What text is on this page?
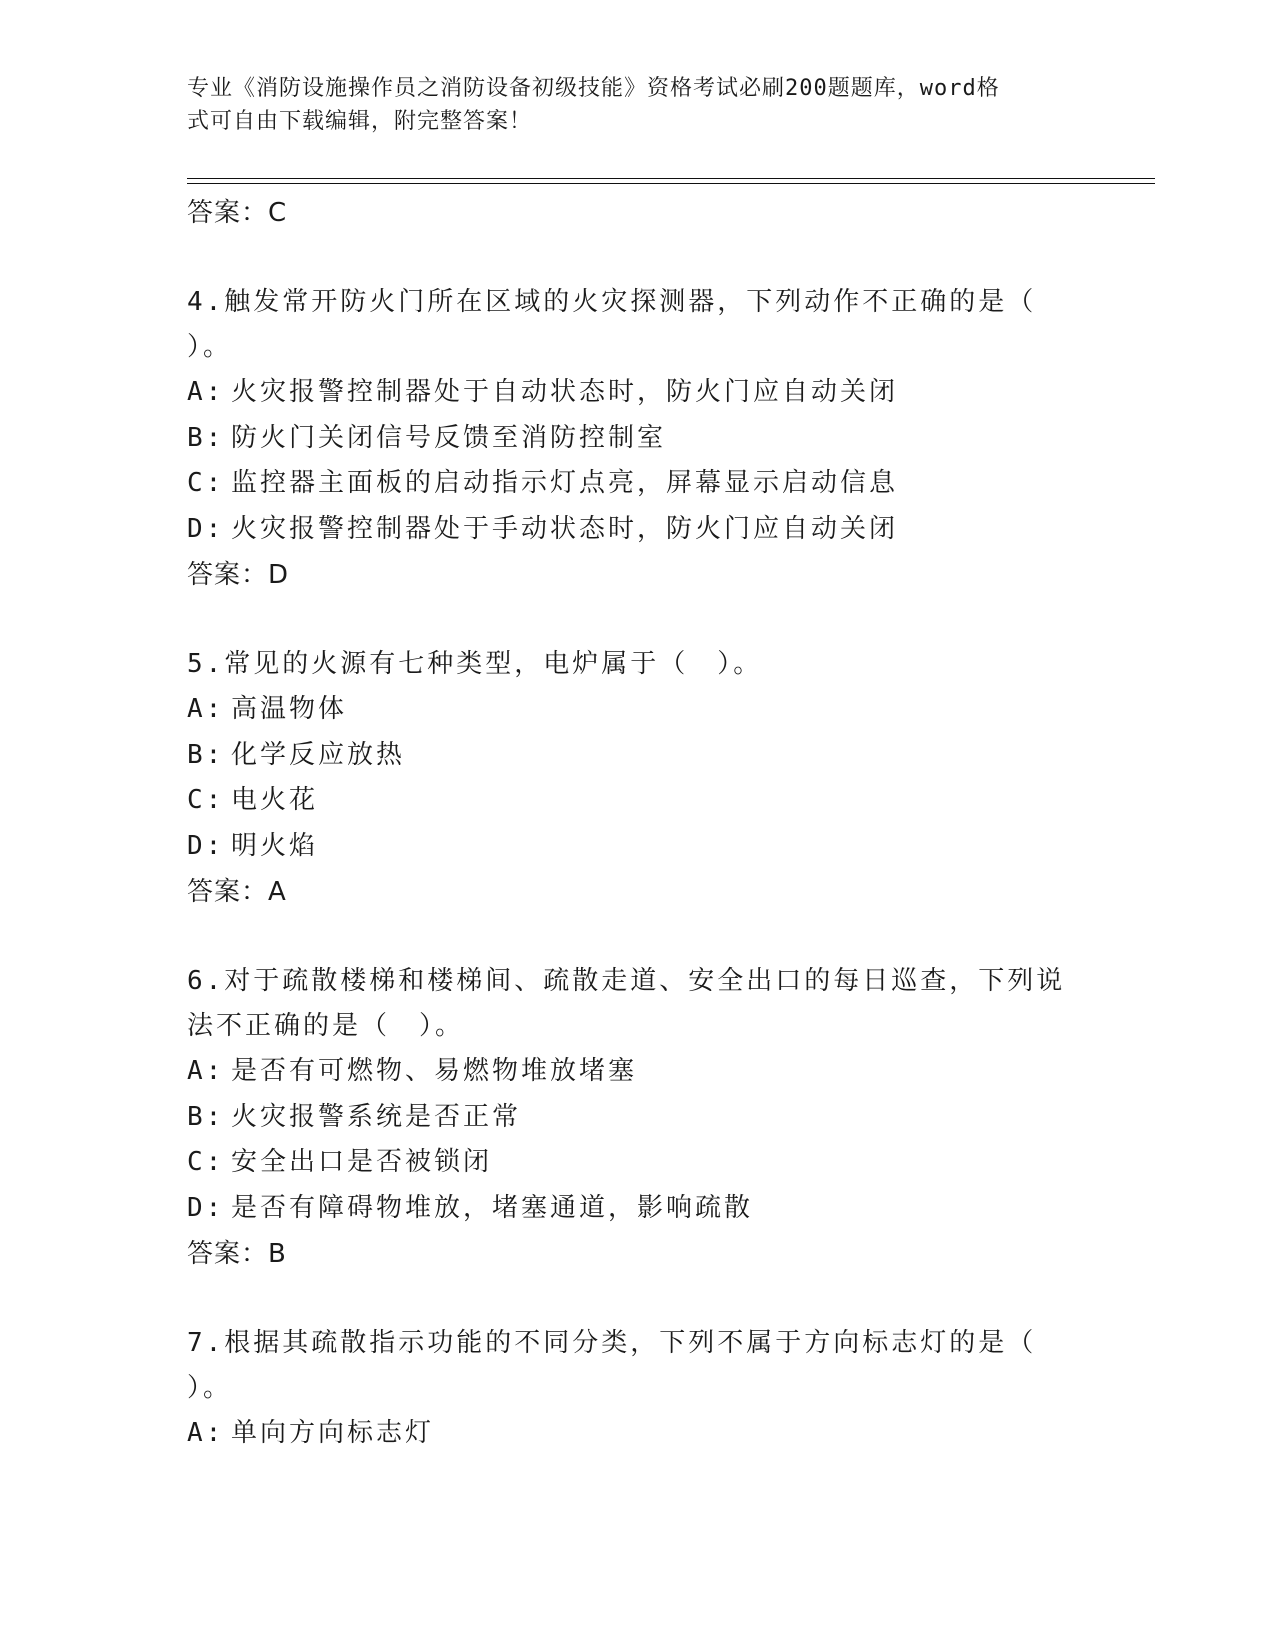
专业《消防设施操作员之消防设备初级技能》资格考试必刷200题题库，word格
式可自由下载编辑，附完整答案！
答案：C
4.触发常开防火门所在区域的火灾探测器，下列动作不正确的是（ ）。
A: 火灾报警控制器处于自动状态时，防火门应自动关闭
B: 防火门关闭信号反馈至消防控制室
C: 监控器主面板的启动指示灯点亮，屏幕显示启动信息
D: 火灾报警控制器处于手动状态时，防火门应自动关闭
答案：D
5.常见的火源有七种类型，电炉属于（　）。
A: 高温物体
B: 化学反应放热
C: 电火花
D: 明火焰
答案：A
6.对于疏散楼梯和楼梯间、疏散走道、安全出口的每日巡查，下列说法不正确的是（　）。
A: 是否有可燃物、易燃物堆放堵塞
B: 火灾报警系统是否正常
C: 安全出口是否被锁闭
D: 是否有障碍物堆放，堵塞通道，影响疏散
答案：B
7.根据其疏散指示功能的不同分类，下列不属于方向标志灯的是（ ）。
A: 单向方向标志灯
